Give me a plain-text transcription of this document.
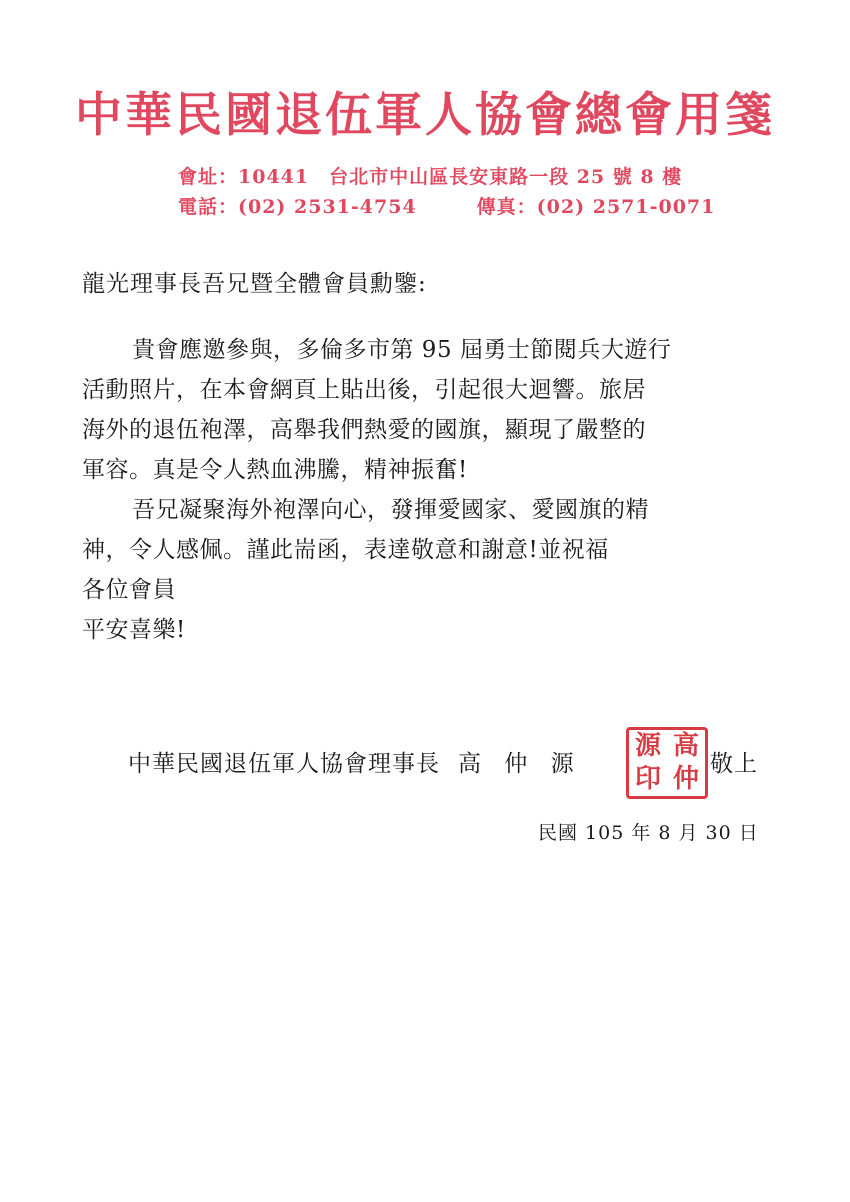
中華民國退伍軍人協會總會用箋
會址：10441　台北市中山區長安東路一段 25 號 8 樓
電話：(02) 2531-4754　　　傳真：(02) 2571-0071
龍光理事長吾兄暨全體會員勳鑒:

貴會應邀參與，多倫多市第 95 屆勇士節閱兵大遊行
活動照片，在本會網頁上貼出後，引起很大迴響。旅居
海外的退伍袍澤，高舉我們熱愛的國旗，顯現了嚴整的
軍容。真是令人熱血沸騰，精神振奮!

吾兄凝聚海外袍澤向心，發揮愛國家、愛國旗的精
神，令人感佩。謹此耑函，表達敬意和謝意!並祝福
各位會員
平安喜樂!

中華民國退伍軍人協會理事長 高 仲 源
源 高
印 仲 敬上
民國 105 年 8 月 30 日
